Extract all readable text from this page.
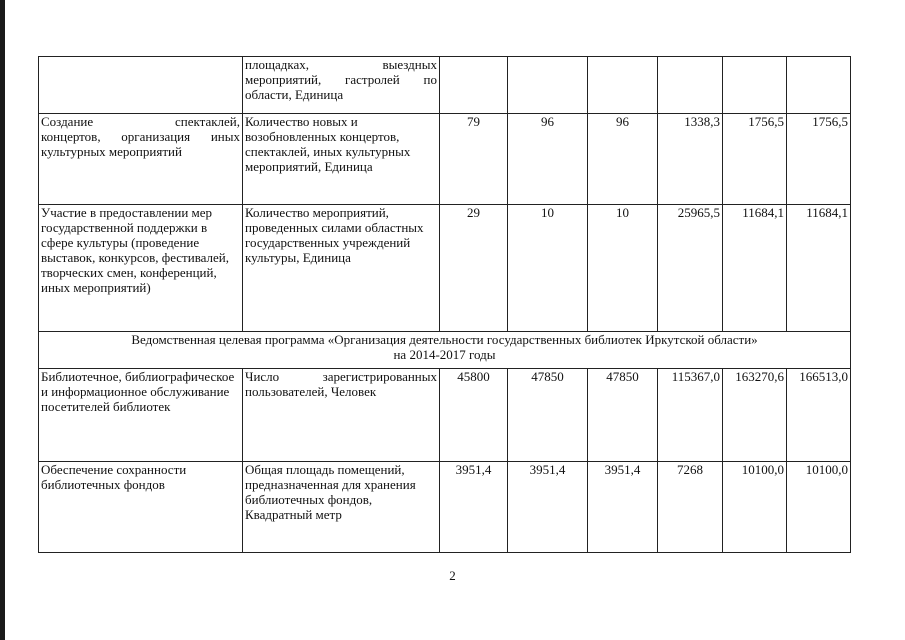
	площадках, выездных
мероприятий, гастролей по
области, Единица						

Создание спектаклей,
концертов, организация иных
культурных мероприятий	Количество новых и возобновленных концертов, спектаклей, иных культурных мероприятий, Единица	79	96	96	1338,3	1756,5	1756,5
Участие в предоставлении мер государственной поддержки в сфере культуры (проведение выставок, конкурсов, фестивалей, творческих смен, конференций, иных мероприятий)	Количество мероприятий, проведенных силами областных государственных учреждений культуры, Единица	29	10	10	25965,5	11684,1	11684,1

Ведомственная целевая программа «Организация деятельности государственных библиотек Иркутской области»
на 2014-2017 годы							

Библиотечное, библиографическое и информационное обслуживание посетителей библиотек	Число зарегистрированных
пользователей, Человек	45800	47850	47850	115367,0	163270,6	166513,0
Обеспечение сохранности библиотечных фондов	Общая площадь помещений, предназначенная для хранения библиотечных фондов, Квадратный метр	3951,4	3951,4	3951,4	7268	10100,0	10100,0
2
